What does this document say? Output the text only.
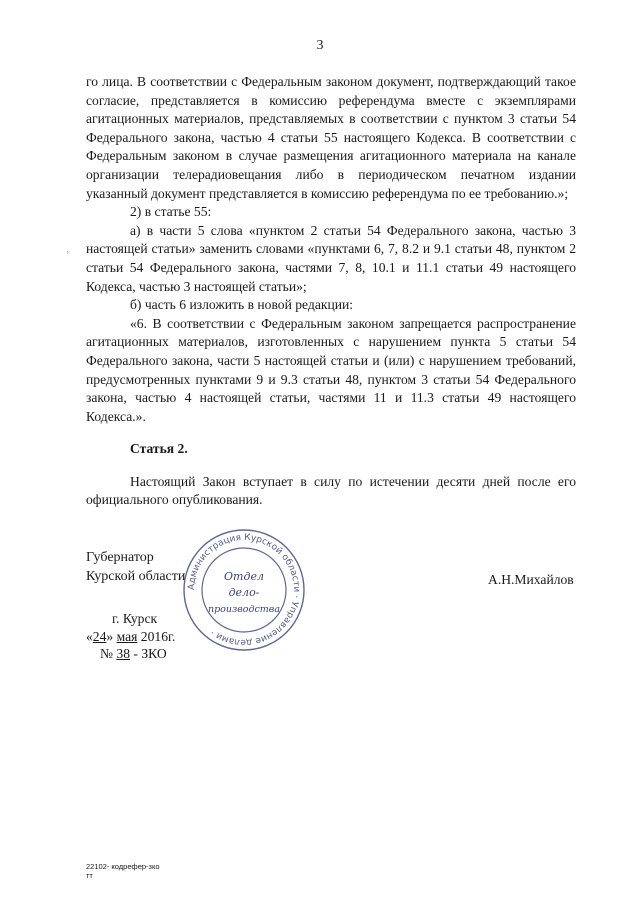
3
ʼ

го лица. В соответствии с Федеральным законом документ, подтверждающий такое согласие, представляется в комиссию референдума вместе с экземплярами агитационных материалов, представляемых в соответствии с пунктом 3 статьи 54 Федерального закона, частью 4 статьи 55 настоящего Кодекса. В соответствии с Федеральным законом в случае размещения агитационного материала на канале организации телерадиовещания либо в периодическом печатном издании указанный документ представляется в комиссию референдума по ее требованию.»;

2) в статье 55:

а) в части 5 слова «пунктом 2 статьи 54 Федерального закона, частью 3 настоящей статьи» заменить словами «пунктами 6, 7, 8.2 и 9.1 статьи 48, пунктом 2 статьи 54 Федерального закона, частями 7, 8, 10.1 и 11.1 статьи 49 настоящего Кодекса, частью 3 настоящей статьи»;

б) часть 6 изложить в новой редакции:

«6. В соответствии с Федеральным законом запрещается распространение агитационных материалов, изготовленных с нарушением пункта 5 статьи 54 Федерального закона, части 5 настоящей статьи и (или) с нарушением требований, предусмотренных пунктами 9 и 9.3 статьи 48, пунктом 3 статьи 54 Федерального закона, частью 4 настоящей статьи, частями 11 и 11.3 статьи 49 настоящего Кодекса.».

Статья 2.

Настоящий Закон вступает в силу по истечении десяти дней после его официального опубликования.

Губернатор
Курской области
Администрация Курской области · Управление делами ·
Отдел
дело-
производства
А.Н.Михайлов
г. Курск
«24» мая 2016г.
№ 38 - ЗКО
22102- кодрефер-зко
тт
